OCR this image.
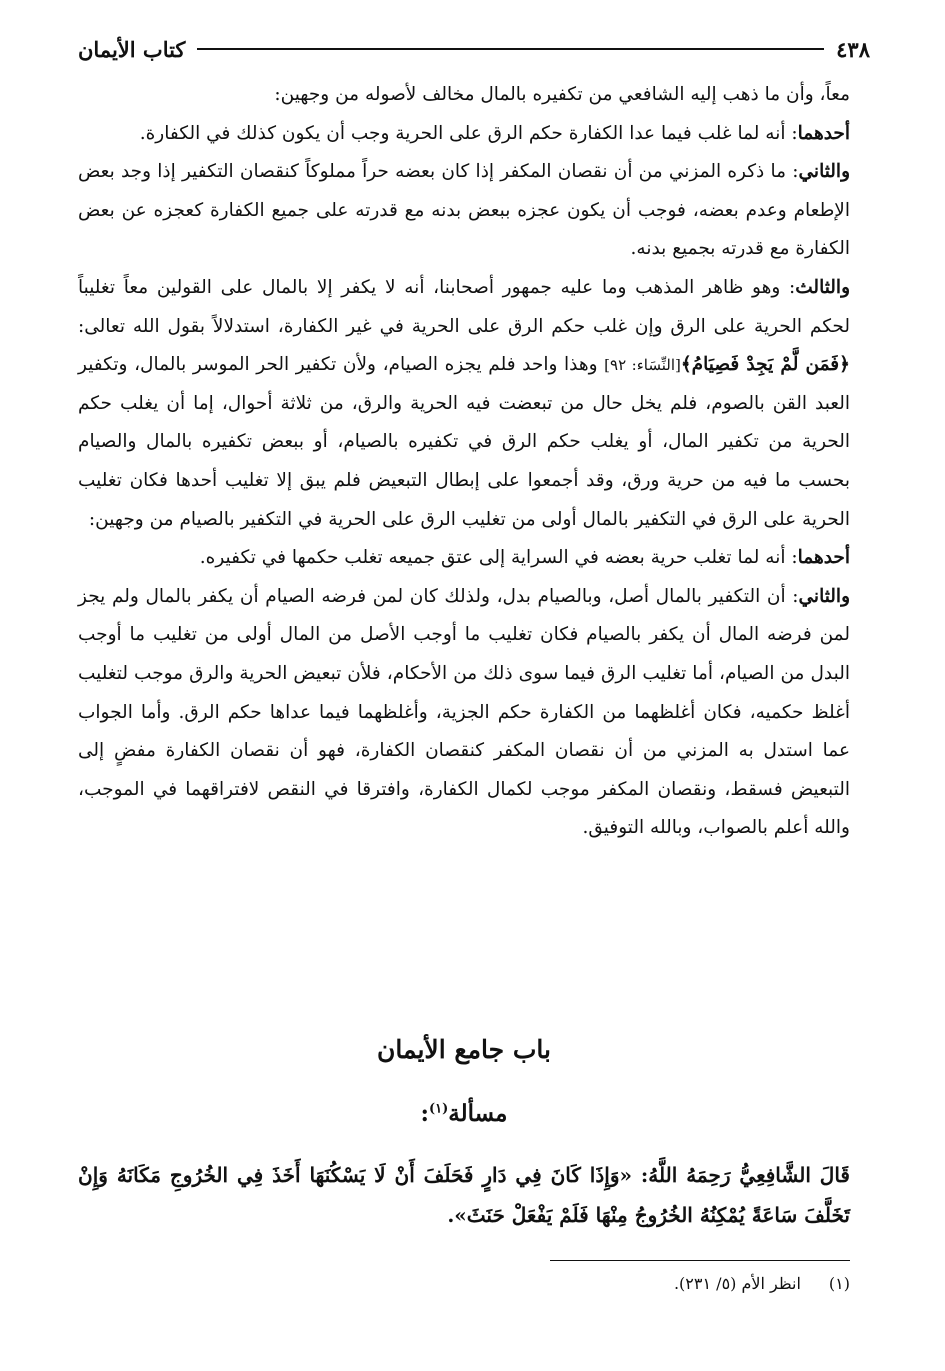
٤٣٨
كتاب الأيمان

معاً، وأن ما ذهب إليه الشافعي من تكفيره بالمال مخالف لأصوله من وجهين:

أحدهما: أنه لما غلب فيما عدا الكفارة حكم الرق على الحرية وجب أن يكون كذلك في الكفارة.

والثاني: ما ذكره المزني من أن نقصان المكفر إذا كان بعضه حراً مملوكاً كنقصان التكفير إذا وجد بعض الإطعام وعدم بعضه، فوجب أن يكون عجزه ببعض بدنه مع قدرته على جميع الكفارة كعجزه عن بعض الكفارة مع قدرته بجميع بدنه.

والثالث: وهو ظاهر المذهب وما عليه جمهور أصحابنا، أنه لا يكفر إلا بالمال على القولين معاً تغليباً لحكم الحرية على الرق وإن غلب حكم الرق على الحرية في غير الكفارة، استدلالاً بقول الله تعالى: ﴿فَمَن لَّمْ يَجِدْ فَصِيَامُ﴾[النِّسَاء: ٩٢] وهذا واحد فلم يجزه الصيام، ولأن تكفير الحر الموسر بالمال، وتكفير العبد القن بالصوم، فلم يخل حال من تبعضت فيه الحرية والرق، من ثلاثة أحوال، إما أن يغلب حكم الحرية من تكفير المال، أو يغلب حكم الرق في تكفيره بالصيام، أو ببعض تكفيره بالمال والصيام بحسب ما فيه من حرية ورق، وقد أجمعوا على إبطال التبعيض فلم يبق إلا تغليب أحدها فكان تغليب الحرية على الرق في التكفير بالمال أولى من تغليب الرق على الحرية في التكفير بالصيام من وجهين:

أحدهما: أنه لما تغلب حرية بعضه في السراية إلى عتق جميعه تغلب حكمها في تكفيره.

والثاني: أن التكفير بالمال أصل، وبالصيام بدل، ولذلك كان لمن فرضه الصيام أن يكفر بالمال ولم يجز لمن فرضه المال أن يكفر بالصيام فكان تغليب ما أوجب الأصل من المال أولى من تغليب ما أوجب البدل من الصيام، أما تغليب الرق فيما سوى ذلك من الأحكام، فلأن تبعيض الحرية والرق موجب لتغليب أغلظ حكميه، فكان أغلظهما من الكفارة حكم الجزية، وأغلظهما فيما عداها حكم الرق. وأما الجواب عما استدل به المزني من أن نقصان المكفر كنقصان الكفارة، فهو أن نقصان الكفارة مفضٍ إلى التبعيض فسقط، ونقصان المكفر موجب لكمال الكفارة، وافترقا في النقص لافتراقهما في الموجب، والله أعلم بالصواب، وبالله التوفيق.

باب جامع الأيمان
مسألة$^{(١)}$:
قَالَ الشَّافِعِيُّ رَحِمَهُ اللَّهُ: «وَإِذَا كَانَ فِي دَارٍ فَحَلَفَ أَنْ لَا يَسْكُنَهَا أَخَذَ فِي الخُرُوجِ مَكَانَهُ وَإِنْ تَخَلَّفَ سَاعَةً يُمْكِنُهُ الخُرُوجُ مِنْهَا فَلَمْ يَفْعَلْ حَنَثَ».
(١)انظر الأم (٥/ ٢٣١).
